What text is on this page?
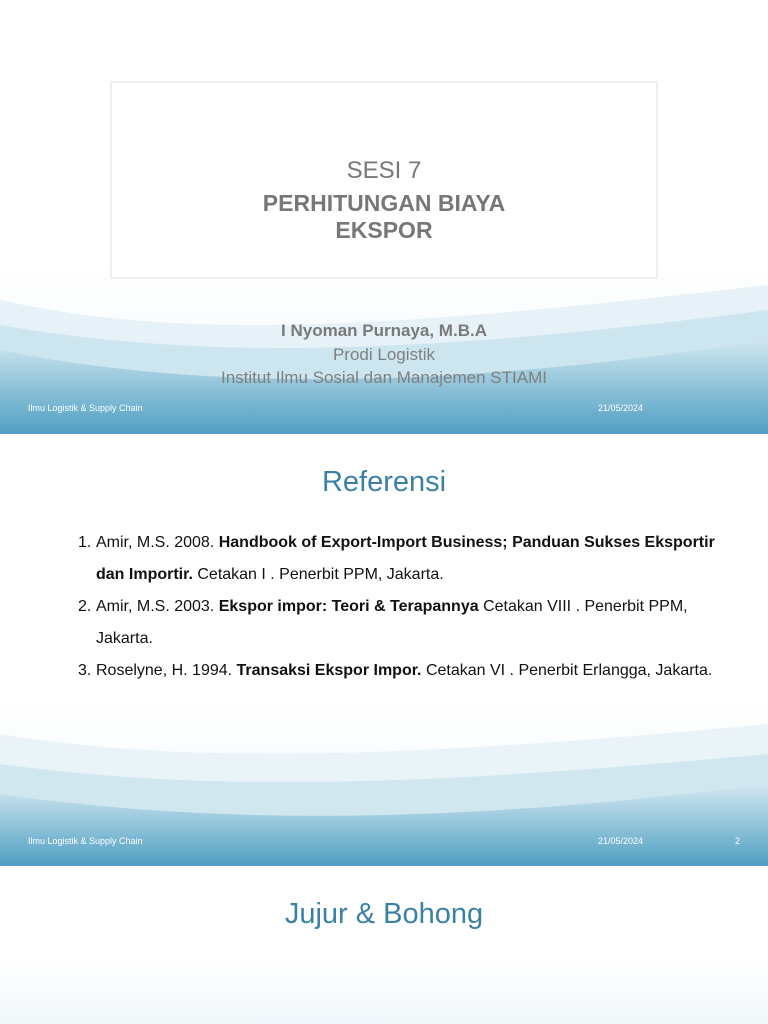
SESI 7
PERHITUNGAN BIAYA
EKSPOR
I Nyoman Purnaya, M.B.A
Prodi Logistik
Institut Ilmu Sosial dan Manajemen STIAMI
Ilmu Logistik & Supply Chain	21/05/2024
Referensi
1. Amir, M.S. 2008. Handbook of Export-Import Business; Panduan Sukses Eksportir dan Importir. Cetakan I . Penerbit PPM, Jakarta.
2. Amir, M.S. 2003. Ekspor impor: Teori & Terapannya Cetakan VIII . Penerbit PPM, Jakarta.
3. Roselyne, H. 1994. Transaksi Ekspor Impor. Cetakan VI . Penerbit Erlangga, Jakarta.
Ilmu Logistik & Supply Chain	21/05/2024	2
Jujur & Bohong
